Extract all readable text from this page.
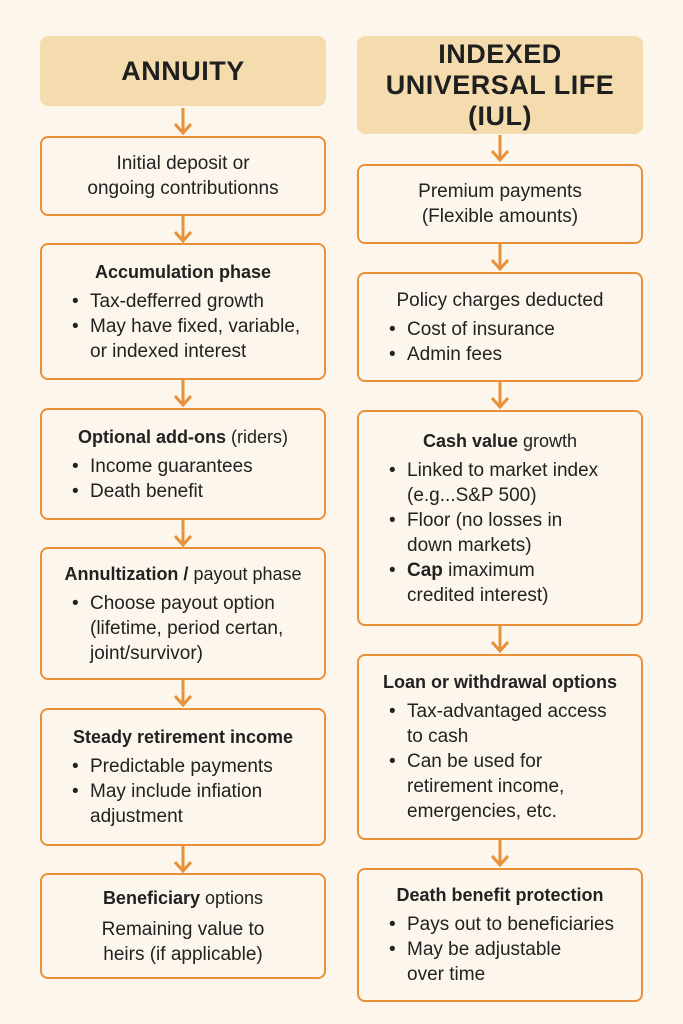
ANNUITY
Initial deposit or
ongoing contributionns
Accumulation phase
• Tax-defferred growth
• May have fixed, variable,
or indexed interest
Optional add-ons (riders)
• Income guarantees
• Death benefit
Annultization / payout phase
• Choose payout option
(lifetime, period certan,
joint/survivor)
Steady retirement income
• Predictable payments
• May include infiation
adjustment
Beneficiary options
Remaining value to
heirs (if applicable)
INDEXED
UNIVERSAL LIFE
(IUL)
Premium payments
(Flexible amounts)
Policy charges deducted
• Cost of insurance
• Admin fees
Cash value growth
• Linked to market index
(e.g...S&P 500)
• Floor (no losses in
down markets)
• Cap imaximum
credited interest)
Loan or withdrawal options
• Tax-advantaged access
to cash
• Can be used for
retirement income,
emergencies, etc.
Death benefit protection
• Pays out to beneficiaries
• May be adjustable
over time
